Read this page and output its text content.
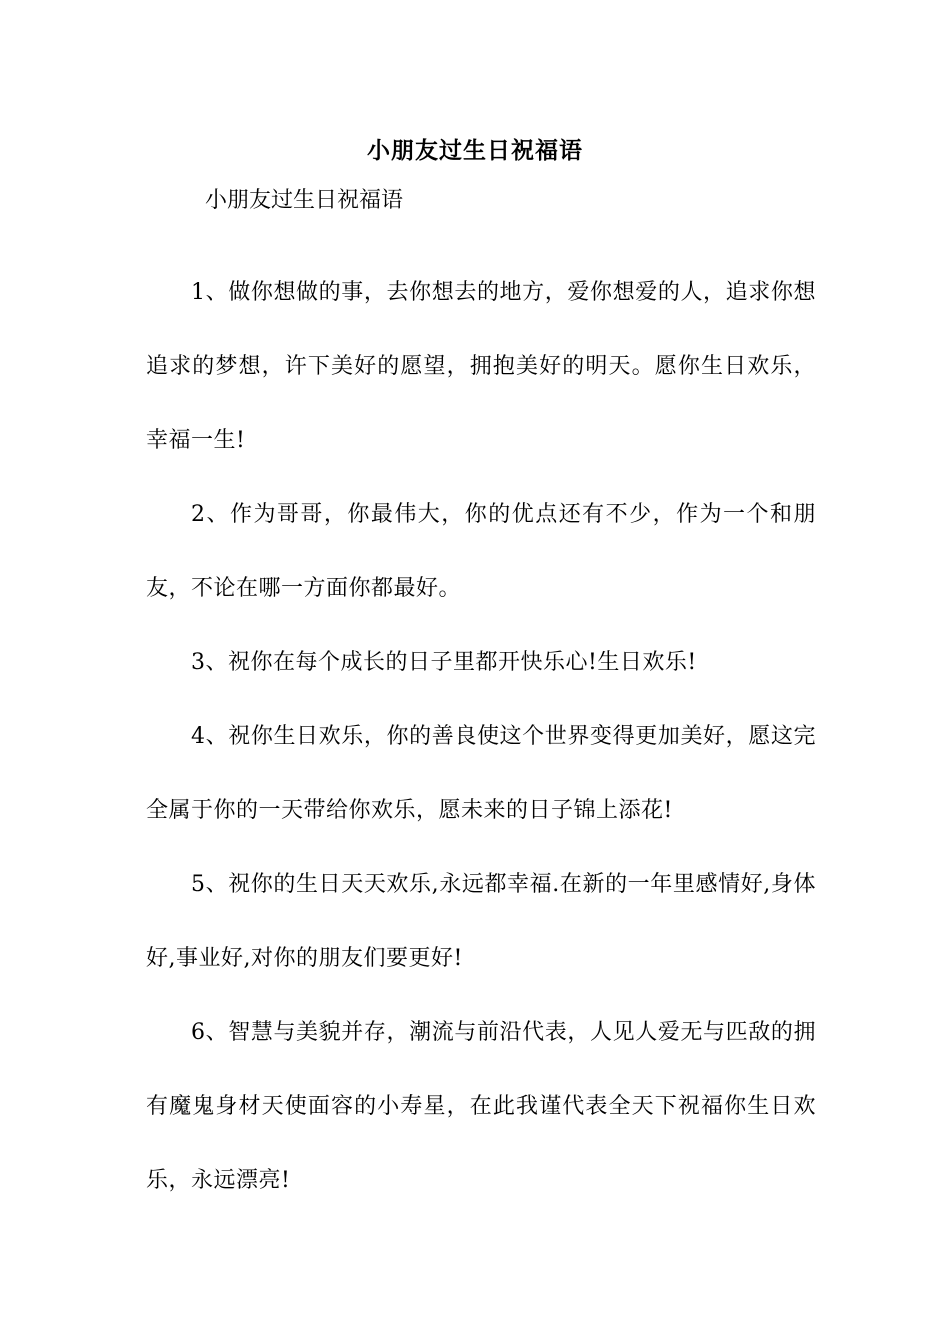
小朋友过生日祝福语

小朋友过生日祝福语

1、做你想做的事，去你想去的地方，爱你想爱的人，追求你想追求的梦想，许下美好的愿望，拥抱美好的明天。愿你生日欢乐，幸福一生!

2、作为哥哥，你最伟大，你的优点还有不少，作为一个和朋友，不论在哪一方面你都最好。

3、祝你在每个成长的日子里都开快乐心!生日欢乐!

4、祝你生日欢乐，你的善良使这个世界变得更加美好，愿这完全属于你的一天带给你欢乐，愿未来的日子锦上添花!

5、祝你的生日天天欢乐,永远都幸福.在新的一年里感情好,身体好,事业好,对你的朋友们要更好!

6、智慧与美貌并存，潮流与前沿代表，人见人爱无与匹敌的拥有魔鬼身材天使面容的小寿星，在此我谨代表全天下祝福你生日欢乐，永远漂亮!
